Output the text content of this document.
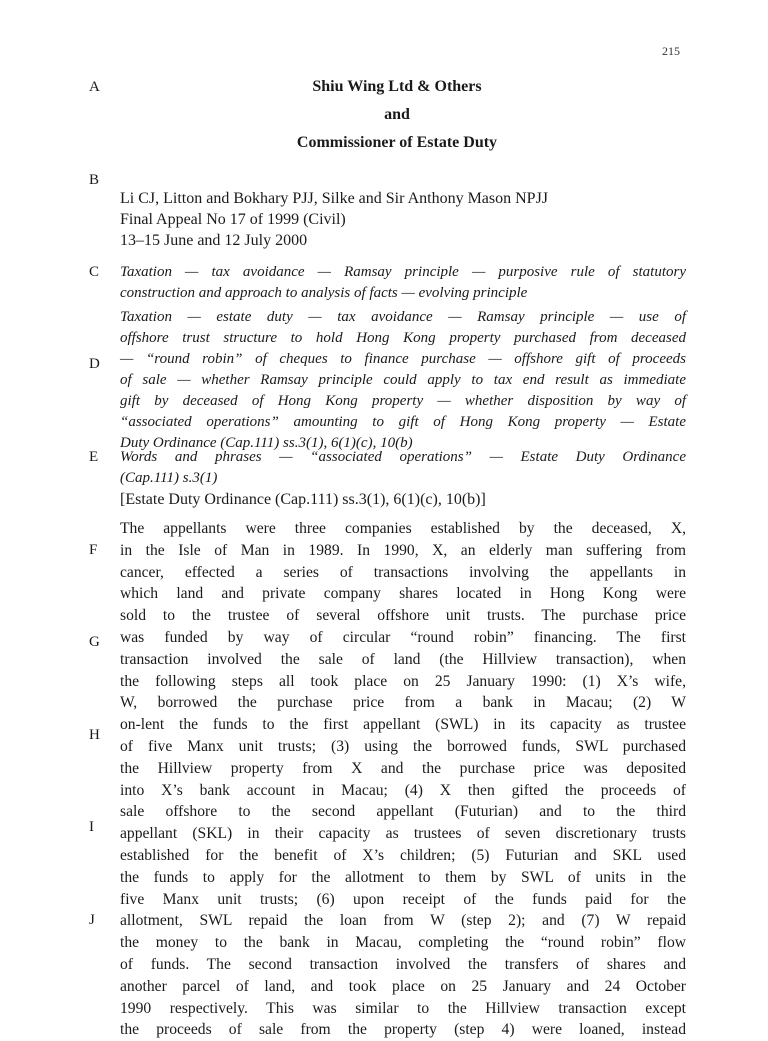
215
A
B
C
D
E
F
G
H
I
J
Shiu Wing Ltd & Others
and
Commissioner of Estate Duty
Li CJ, Litton and Bokhary PJJ, Silke and Sir Anthony Mason NPJJ
Final Appeal No 17 of 1999 (Civil)
13–15 June and 12 July 2000
Taxation — tax avoidance — Ramsay principle — purposive rule of statutory
construction and approach to analysis of facts — evolving principle
Taxation — estate duty — tax avoidance — Ramsay principle — use of
offshore trust structure to hold Hong Kong property purchased from deceased
— “round robin” of cheques to finance purchase — offshore gift of proceeds
of sale — whether Ramsay principle could apply to tax end result as immediate
gift by deceased of Hong Kong property — whether disposition by way of
“associated operations” amounting to gift of Hong Kong property — Estate
Duty Ordinance (Cap.111) ss.3(1), 6(1)(c), 10(b)
Words and phrases — “associated operations” — Estate Duty Ordinance
(Cap.111) s.3(1)
[Estate Duty Ordinance (Cap.111) ss.3(1), 6(1)(c), 10(b)]
The appellants were three companies established by the deceased, X,
in the Isle of Man in 1989. In 1990, X, an elderly man suffering from
cancer, effected a series of transactions involving the appellants in
which land and private company shares located in Hong Kong were
sold to the trustee of several offshore unit trusts. The purchase price
was funded by way of circular “round robin” financing. The first
transaction involved the sale of land (the Hillview transaction), when
the following steps all took place on 25 January 1990: (1) X’s wife,
W, borrowed the purchase price from a bank in Macau; (2) W
on-lent the funds to the first appellant (SWL) in its capacity as trustee
of five Manx unit trusts; (3) using the borrowed funds, SWL purchased
the Hillview property from X and the purchase price was deposited
into X’s bank account in Macau; (4) X then gifted the proceeds of
sale offshore to the second appellant (Futurian) and to the third
appellant (SKL) in their capacity as trustees of seven discretionary trusts
established for the benefit of X’s children; (5) Futurian and SKL used
the funds to apply for the allotment to them by SWL of units in the
five Manx unit trusts; (6) upon receipt of the funds paid for the
allotment, SWL repaid the loan from W (step 2); and (7) W repaid
the money to the bank in Macau, completing the “round robin” flow
of funds. The second transaction involved the transfers of shares and
another parcel of land, and took place on 25 January and 24 October
1990 respectively. This was similar to the Hillview transaction except
the proceeds of sale from the property (step 4) were loaned, instead
